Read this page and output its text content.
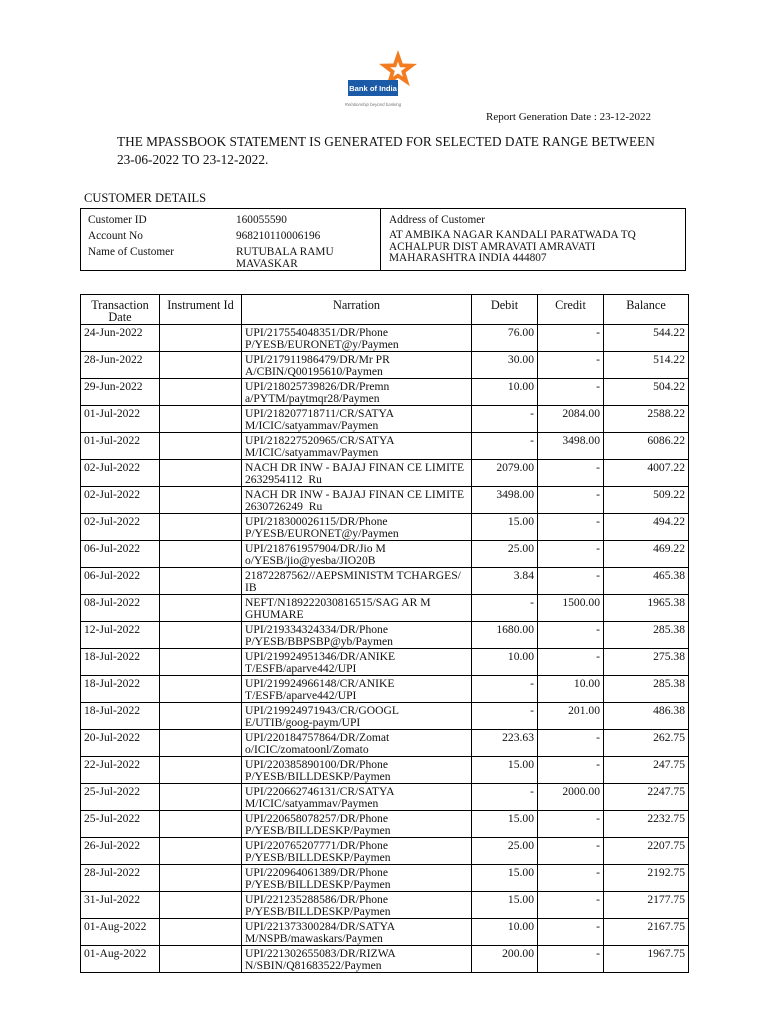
Bank of India
Relationship beyond banking
Report Generation Date : 23-12-2022
THE MPASSBOOK STATEMENT IS GENERATED FOR SELECTED DATE RANGE BETWEEN
23-06-2022 TO 23-12-2022.
CUSTOMER DETAILS
Customer ID	160055590
Account No	968210110006196
Name of Customer	RUTUBALA RAMU
MAVASKAR
Address of Customer
AT AMBIKA NAGAR KANDALI PARATWADA TQ
ACHALPUR DIST AMRAVATI AMRAVATI
MAHARASHTRA INDIA 444807
Transaction Date	Instrument Id	Narration	Debit	Credit	Balance
24-Jun-2022		UPI/217554048351/DR/Phone
P/YESB/EURONET@y/Paymen	76.00	-	544.22
28-Jun-2022		UPI/217911986479/DR/Mr PR
A/CBIN/Q00195610/Paymen	30.00	-	514.22
29-Jun-2022		UPI/218025739826/DR/Premn
a/PYTM/paytmqr28/Paymen	10.00	-	504.22
01-Jul-2022		UPI/218207718711/CR/SATYA
M/ICIC/satyammav/Paymen	-	2084.00	2588.22
01-Jul-2022		UPI/218227520965/CR/SATYA
M/ICIC/satyammav/Paymen	-	3498.00	6086.22
02-Jul-2022		NACH DR INW - BAJAJ FINAN CE LIMITE
2632954112  Ru	2079.00	-	4007.22
02-Jul-2022		NACH DR INW - BAJAJ FINAN CE LIMITE
2630726249  Ru	3498.00	-	509.22
02-Jul-2022		UPI/218300026115/DR/Phone
P/YESB/EURONET@y/Paymen	15.00	-	494.22
06-Jul-2022		UPI/218761957904/DR/Jio M
o/YESB/jio@yesba/JIO20B	25.00	-	469.22
06-Jul-2022		21872287562//AEPSMINISTM TCHARGES/
IB	3.84	-	465.38
08-Jul-2022		NEFT/N189222030816515/SAG AR M
GHUMARE	-	1500.00	1965.38
12-Jul-2022		UPI/219334324334/DR/Phone
P/YESB/BBPSBP@yb/Paymen	1680.00	-	285.38
18-Jul-2022		UPI/219924951346/DR/ANIKE
T/ESFB/aparve442/UPI	10.00	-	275.38
18-Jul-2022		UPI/219924966148/CR/ANIKE
T/ESFB/aparve442/UPI	-	10.00	285.38
18-Jul-2022		UPI/219924971943/CR/GOOGL
E/UTIB/goog-paym/UPI	-	201.00	486.38
20-Jul-2022		UPI/220184757864/DR/Zomat
o/ICIC/zomatoonl/Zomato	223.63	-	262.75
22-Jul-2022		UPI/220385890100/DR/Phone
P/YESB/BILLDESKP/Paymen	15.00	-	247.75
25-Jul-2022		UPI/220662746131/CR/SATYA
M/ICIC/satyammav/Paymen	-	2000.00	2247.75
25-Jul-2022		UPI/220658078257/DR/Phone
P/YESB/BILLDESKP/Paymen	15.00	-	2232.75
26-Jul-2022		UPI/220765207771/DR/Phone
P/YESB/BILLDESKP/Paymen	25.00	-	2207.75
28-Jul-2022		UPI/220964061389/DR/Phone
P/YESB/BILLDESKP/Paymen	15.00	-	2192.75
31-Jul-2022		UPI/221235288586/DR/Phone
P/YESB/BILLDESKP/Paymen	15.00	-	2177.75
01-Aug-2022		UPI/221373300284/DR/SATYA
M/NSPB/mawaskars/Paymen	10.00	-	2167.75
01-Aug-2022		UPI/221302655083/DR/RIZWA
N/SBIN/Q81683522/Paymen	200.00	-	1967.75
